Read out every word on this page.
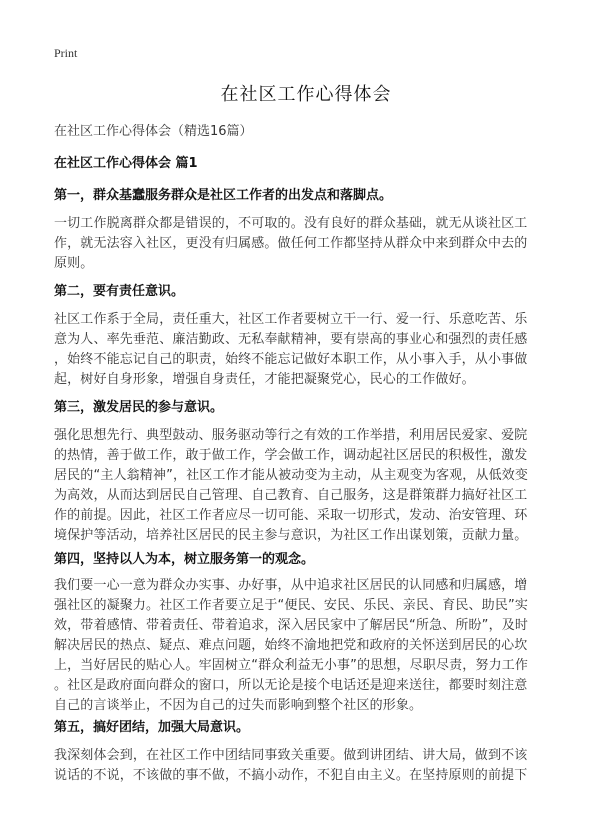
Print
在社区工作心得体会
在社区工作心得体会（精选16篇）
在社区工作心得体会 篇1
第一，群众基蠢服务群众是社区工作者的出发点和落脚点。
一切工作脱离群众都是错误的，不可取的。没有良好的群众基础，就无从谈社区工
作，就无法容入社区，更没有归属感。做任何工作都坚持从群众中来到群众中去的
原则。
第二，要有责任意识。
社区工作系于全局，责任重大，社区工作者要树立干一行、爱一行、乐意吃苦、乐
意为人、率先垂范、廉洁勤政、无私奉献精神，要有崇高的事业心和强烈的责任感
，始终不能忘记自己的职责，始终不能忘记做好本职工作，从小事入手，从小事做
起，树好自身形象，增强自身责任，才能把凝聚党心，民心的工作做好。
第三，激发居民的参与意识。
强化思想先行、典型鼓动、服务驱动等行之有效的工作举措，利用居民爱家、爱院
的热情，善于做工作，敢于做工作，学会做工作，调动起社区居民的积极性，激发
居民的“主人翁精神”，社区工作才能从被动变为主动，从主观变为客观，从低效变
为高效，从而达到居民自己管理、自己教育、自己服务，这是群策群力搞好社区工
作的前提。因此，社区工作者应尽一切可能、采取一切形式，发动、治安管理、环
境保护等活动，培养社区居民的民主参与意识，为社区工作出谋划策，贡献力量。
第四，坚持以人为本，树立服务第一的观念。
我们要一心一意为群众办实事、办好事，从中追求社区居民的认同感和归属感，增
强社区的凝聚力。社区工作者要立足于“便民、安民、乐民、亲民、育民、助民”实
效，带着感情、带着责任、带着追求，深入居民家中了解居民“所急、所盼”，及时
解决居民的热点、疑点、难点问题，始终不渝地把党和政府的关怀送到居民的心坎
上，当好居民的贴心人。牢固树立“群众利益无小事”的思想，尽职尽责，努力工作
。社区是政府面向群众的窗口，所以无论是接个电话还是迎来送往，都要时刻注意
自己的言谈举止，不因为自己的过失而影响到整个社区的形象。
第五，搞好团结，加强大局意识。
我深刻体会到，在社区工作中团结同事致关重要。做到讲团结、讲大局，做到不该
说话的不说，不该做的事不做，不搞小动作，不犯自由主义。在坚持原则的前提下
